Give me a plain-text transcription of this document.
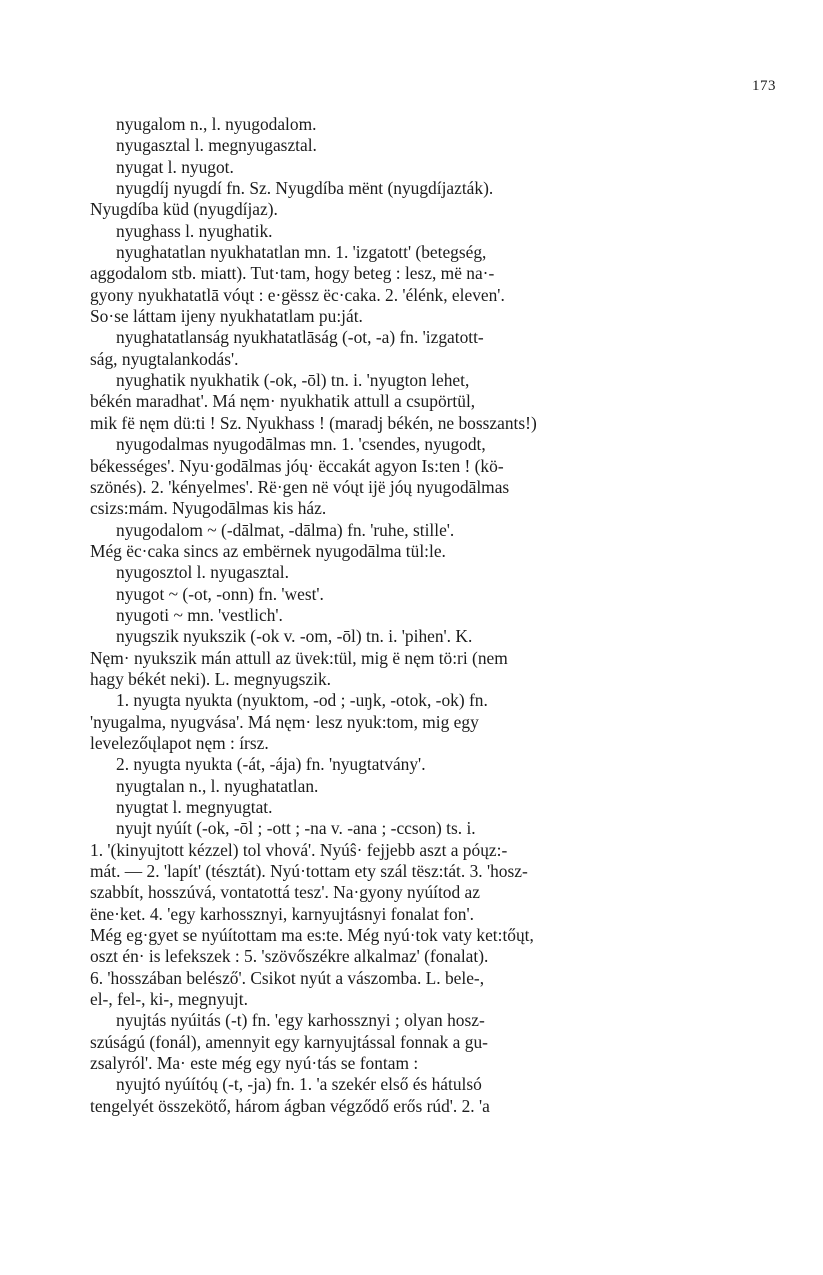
173
nyugalom n., l. nyugodalom.
nyugasztal l. megnyugasztal.
nyugat l. nyugot.
nyugdíj nyugdí fn. Sz. Nyugdíba mënt (nyugdíjazták).
Nyugdíba küd (nyugdíjaz).
nyughass l. nyughatik.
nyughatatlan nyukhatatlan mn. 1. 'izgatott' (betegség,
aggodalom stb. miatt). Tut·tam, hogy beteg : lesz, më na·-
gyony nyukhatatlā vóųt : e·gëssz ëc·caka. 2. 'élénk, eleven'.
So·se láttam ijeny nyukhatatlam pu:ját.
nyughatatlanság nyukhatatlāság (-ot, -a) fn. 'izgatott-
ság, nyugtalankodás'.
nyughatik nyukhatik (-ok, -ōl) tn. i. 'nyugton lehet,
békén maradhat'. Má nęm· nyukhatik attull a csupörtül,
mik fë nęm dü:ti ! Sz. Nyukhass ! (maradj békén, ne bosszants!)
nyugodalmas nyugodālmas mn. 1. 'csendes, nyugodt,
békességes'. Nyu·godālmas jóų· ëccakát agyon Is:ten ! (kö-
szönés). 2. 'kényelmes'. Rë·gen në vóųt ijë jóų nyugodālmas
csizs:mám. Nyugodālmas kis ház.
nyugodalom ~ (-dālmat, -dālma) fn. 'ruhe, stille'.
Még ëc·caka sincs az embërnek nyugodālma tül:le.
nyugosztol l. nyugasztal.
nyugot ~ (-ot, -onn) fn. 'west'.
nyugoti ~ mn. 'vestlich'.
nyugszik nyukszik (-ok v. -om, -ōl) tn. i. 'pihen'. K.
Nęm· nyukszik mán attull az üvek:tül, mig ë nęm tö:ri (nem
hagy békét neki). L. megnyugszik.
1. nyugta nyukta (nyuktom, -od ; -uŋk, -otok, -ok) fn.
'nyugalma, nyugvása'. Má nęm· lesz nyuk:tom, mig egy
levelezőųlapot nęm : írsz.
2. nyugta nyukta (-át, -ája) fn. 'nyugtatvány'.
nyugtalan n., l. nyughatatlan.
nyugtat l. megnyugtat.
nyujt nyúít (-ok, -ōl ; -ott ; -na v. -ana ; -ccson) ts. i.
1. '(kinyujtott kézzel) tol vhová'. Nyúŝ· fejjebb aszt a póųz:-
mát. — 2. 'lapít' (tésztát). Nyú·tottam ety szál tësz:tát. 3. 'hosz-
szabbít, hosszúvá, vontatottá tesz'. Na·gyony nyúítod az
ëne·ket. 4. 'egy karhossznyi, karnyujtásnyi fonalat fon'.
Még eg·gyet se nyúítottam ma es:te. Még nyú·tok vaty ket:tőųt,
oszt én· is lefekszek : 5. 'szövőszékre alkalmaz' (fonalat).
6. 'hosszában belésző'. Csikot nyút a vászomba. L. bele-,
el-, fel-, ki-, megnyujt.
nyujtás nyúitás (-t) fn. 'egy karhossznyi ; olyan hosz-
szúságú (fonál), amennyit egy karnyujtással fonnak a gu-
zsalyról'. Ma· este még egy nyú·tás se fontam :
nyujtó nyúítóų (-t, -ja) fn. 1. 'a szekér első és hátulsó
tengelyét összekötő, három ágban végződő erős rúd'. 2. 'a
